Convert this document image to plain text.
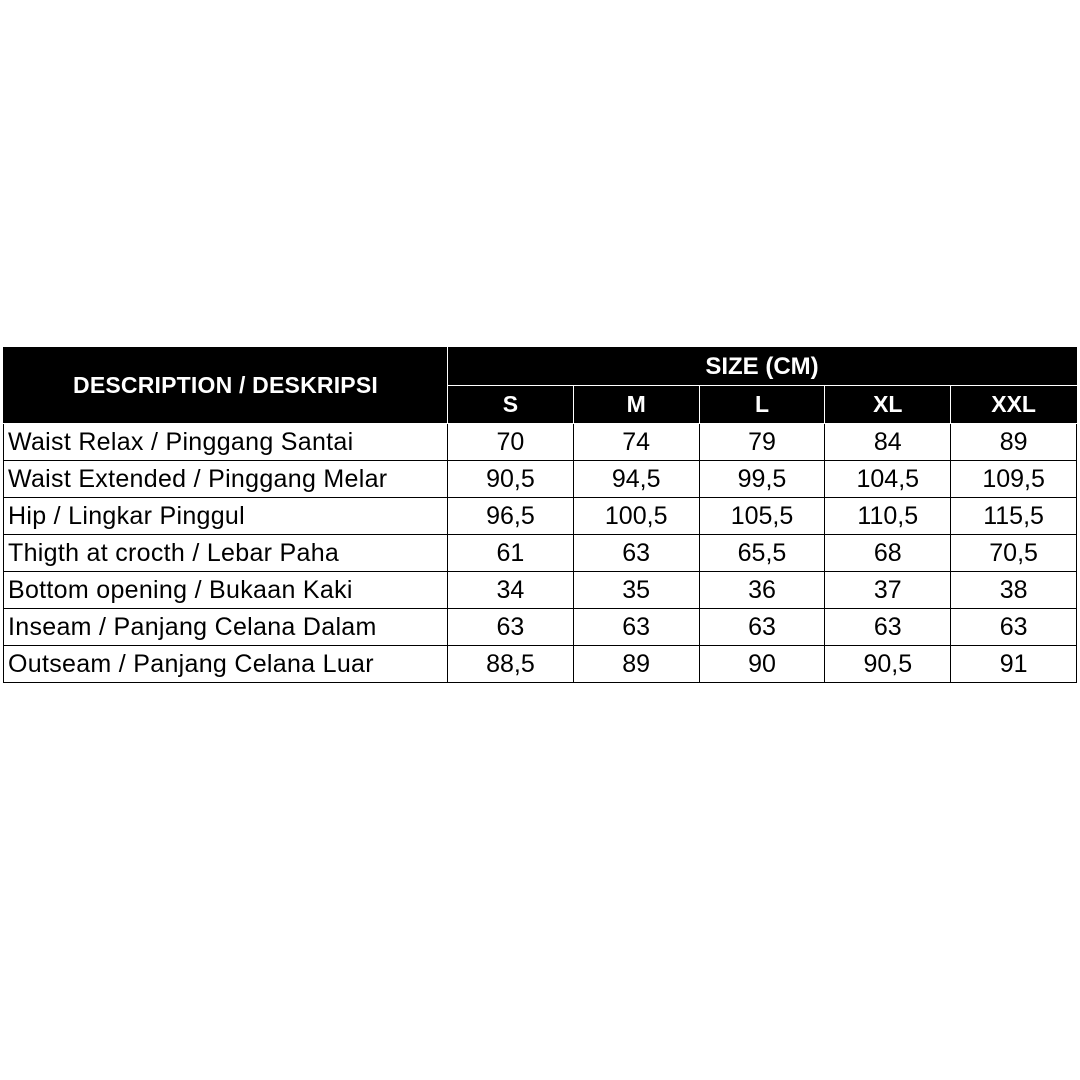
DESCRIPTION / DESKRIPSI	SIZE (CM)				
	S	M	L	XL	XXL
Waist Relax / Pinggang Santai	70	74	79	84	89
Waist Extended / Pinggang Melar	90,5	94,5	99,5	104,5	109,5
Hip / Lingkar Pinggul	96,5	100,5	105,5	110,5	115,5
Thigth at crocth / Lebar Paha	61	63	65,5	68	70,5
Bottom opening / Bukaan Kaki	34	35	36	37	38
Inseam / Panjang Celana Dalam	63	63	63	63	63
Outseam / Panjang Celana Luar	88,5	89	90	90,5	91
